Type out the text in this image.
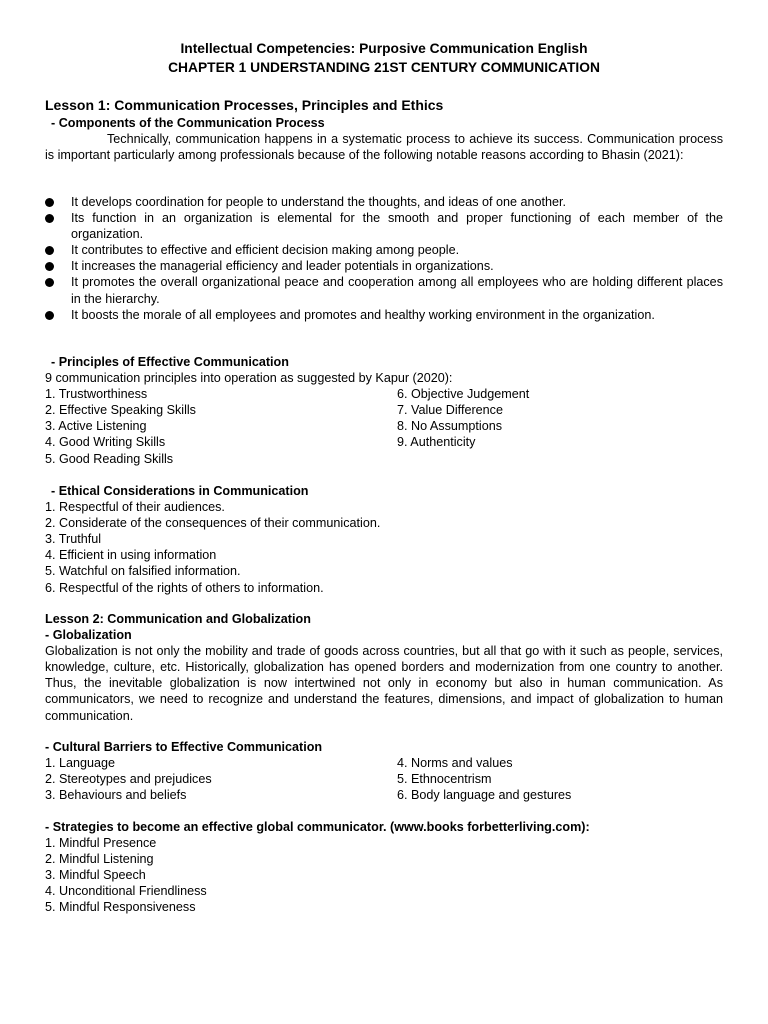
Intellectual Competencies: Purposive Communication English

CHAPTER 1 UNDERSTANDING 21ST CENTURY COMMUNICATION

Lesson 1: Communication Processes, Principles and Ethics

- Components of the Communication Process

Technically, communication happens in a systematic process to achieve its success. Communication process is important particularly among professionals because of the following notable reasons according to Bhasin (2021):

It develops coordination for people to understand the thoughts, and ideas of one another.
Its function in an organization is elemental for the smooth and proper functioning of each member of the organization.
It contributes to effective and efficient decision making among people.
It increases the managerial efficiency and leader potentials in organizations.
It promotes the overall organizational peace and cooperation among all employees who are holding different places in the hierarchy.
It boosts the morale of all employees and promotes and healthy working environment in the organization.

- Principles of Effective Communication

9 communication principles into operation as suggested by Kapur (2020):

1. Trustworthiness

2. Effective Speaking Skills

3. Active Listening

4. Good Writing Skills

5. Good Reading Skills

6. Objective Judgement

7. Value Difference

8. No Assumptions

9. Authenticity

- Ethical Considerations in Communication

1. Respectful of their audiences.

2. Considerate of the consequences of their communication.

3. Truthful

4. Efficient in using information

5. Watchful on falsified information.

6. Respectful of the rights of others to information.

Lesson 2: Communication and Globalization

- Globalization

Globalization is not only the mobility and trade of goods across countries, but all that go with it such as people, services, knowledge, culture, etc. Historically, globalization has opened borders and modernization from one country to another. Thus, the inevitable globalization is now intertwined not only in economy but also in human communication. As communicators, we need to recognize and understand the features, dimensions, and impact of globalization to human communication.

- Cultural Barriers to Effective Communication

1. Language

2. Stereotypes and prejudices

3. Behaviours and beliefs

4. Norms and values

5. Ethnocentrism

6. Body language and gestures

- Strategies to become an effective global communicator. (www.books forbetterliving.com):

1. Mindful Presence

2. Mindful Listening

3. Mindful Speech

4. Unconditional Friendliness

5. Mindful Responsiveness
